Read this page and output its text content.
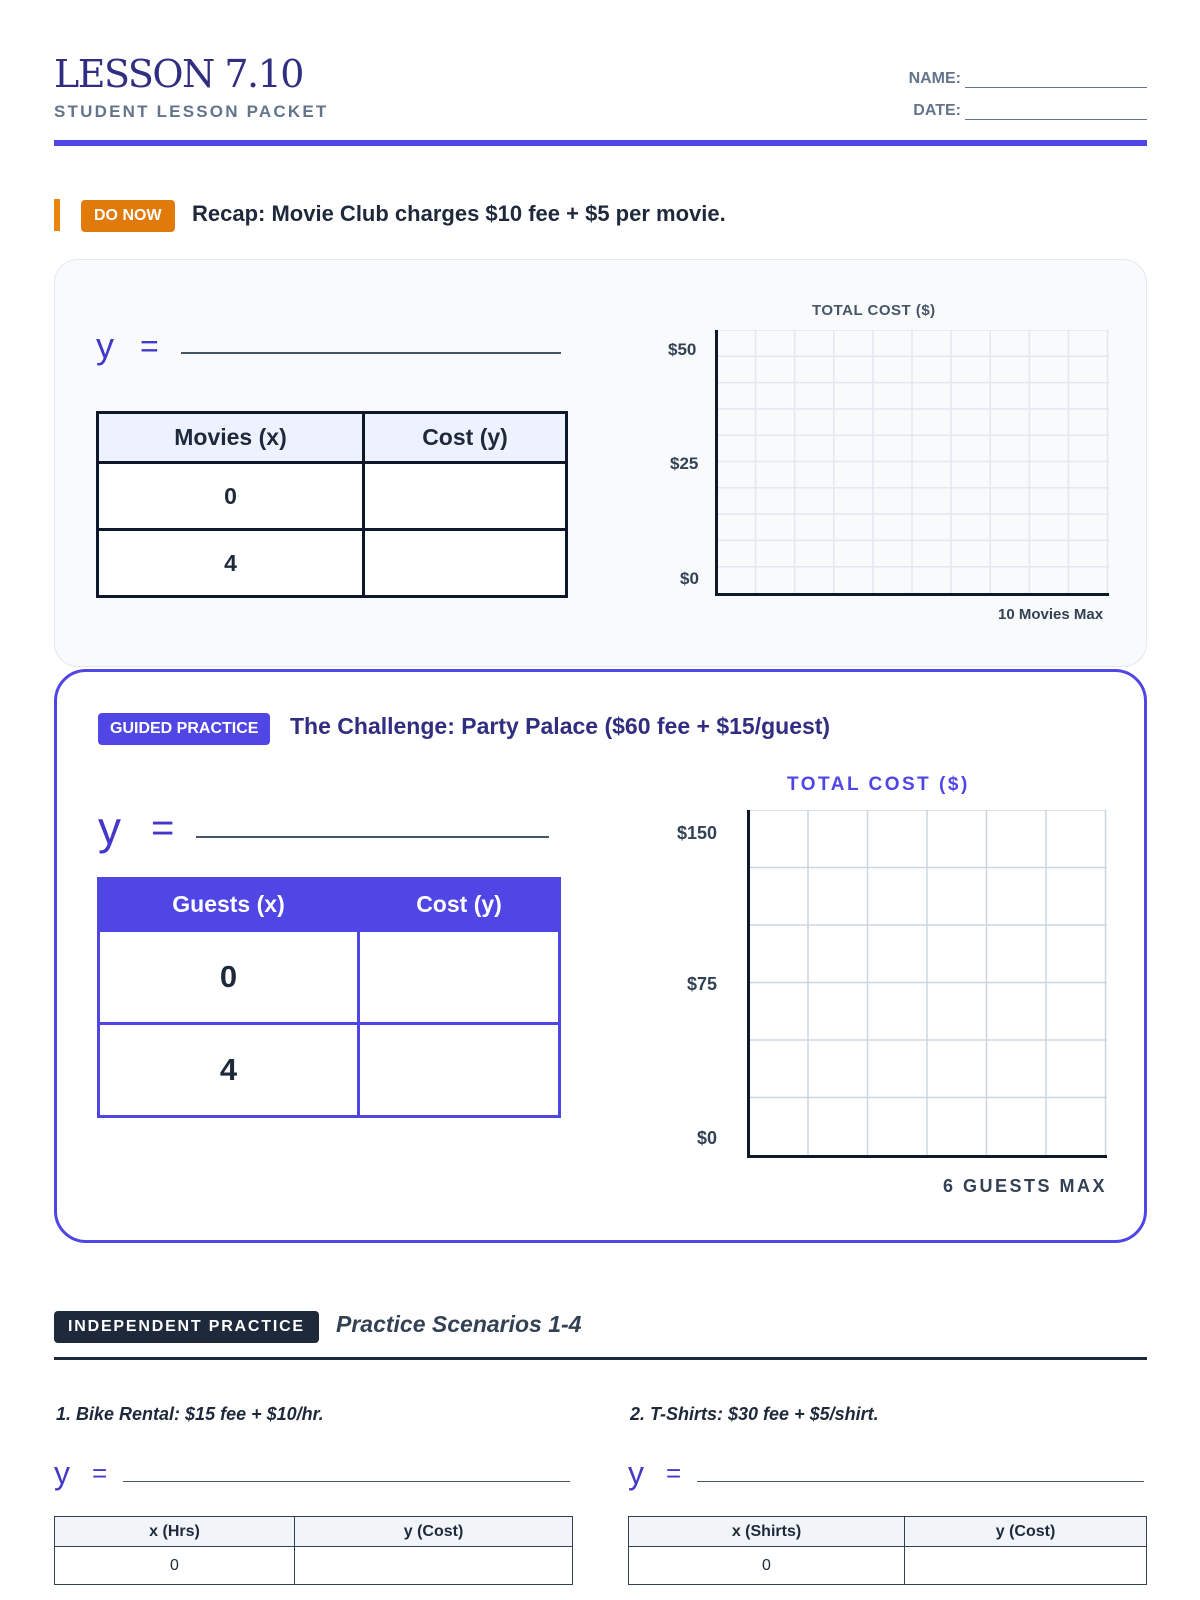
LESSON 7.10
STUDENT LESSON PACKET
NAME:
DATE:
DO NOW	Recap: Movie Club charges $10 fee + $5 per movie.
y =
Movies (x)	Cost (y)
0	
4	
TOTAL COST ($)
$50
$25
$0
10 Movies Max
GUIDED PRACTICE	The Challenge: Party Palace ($60 fee + $15/guest)
y =
Guests (x)	Cost (y)
0	
4	
TOTAL COST ($)
$150
$75
$0
6 GUESTS MAX
INDEPENDENT PRACTICE	Practice Scenarios 1-4
1. Bike Rental: $15 fee + $10/hr.
y =
x (Hrs)	y (Cost)
0	
2. T-Shirts: $30 fee + $5/shirt.
y =
x (Shirts)	y (Cost)
0	
